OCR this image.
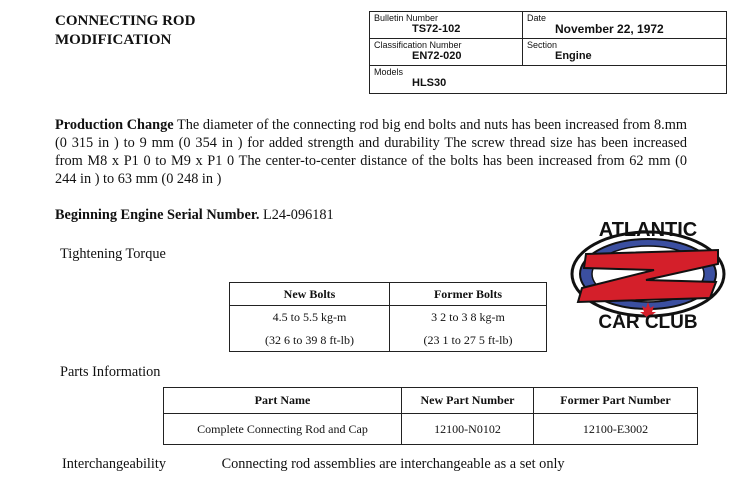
CONNECTING ROD
MODIFICATION
Bulletin Number
TS72-102
Date
November 22, 1972
Classification Number
EN72-020
Section
Engine
Models
HLS30
Production Change The diameter of the connecting rod big end bolts and nuts has been increased from 8.mm (0 315 in ) to 9 mm (0 354 in ) for added strength and durability The screw thread size has been increased from M8 x P1 0 to M9 x P1 0 The center-to-center distance of the bolts has been increased from 62 mm (0 244 in ) to 63 mm (0 248 in )
Beginning Engine Serial Number. L24-096181
Tightening Torque
New Bolts	Former Bolts
4.5 to 5.5 kg-m	3 2 to 3 8 kg-m
(32 6 to 39 8 ft-lb)	(23 1 to 27 5 ft-lb)
Parts Information
Part Name	New Part Number	Former Part Number
Complete Connecting Rod and Cap	12100-N0102	12100-E3002
Interchangeability	Connecting rod assemblies are interchangeable as a set only
ATLANTIC
CAR CLUB
